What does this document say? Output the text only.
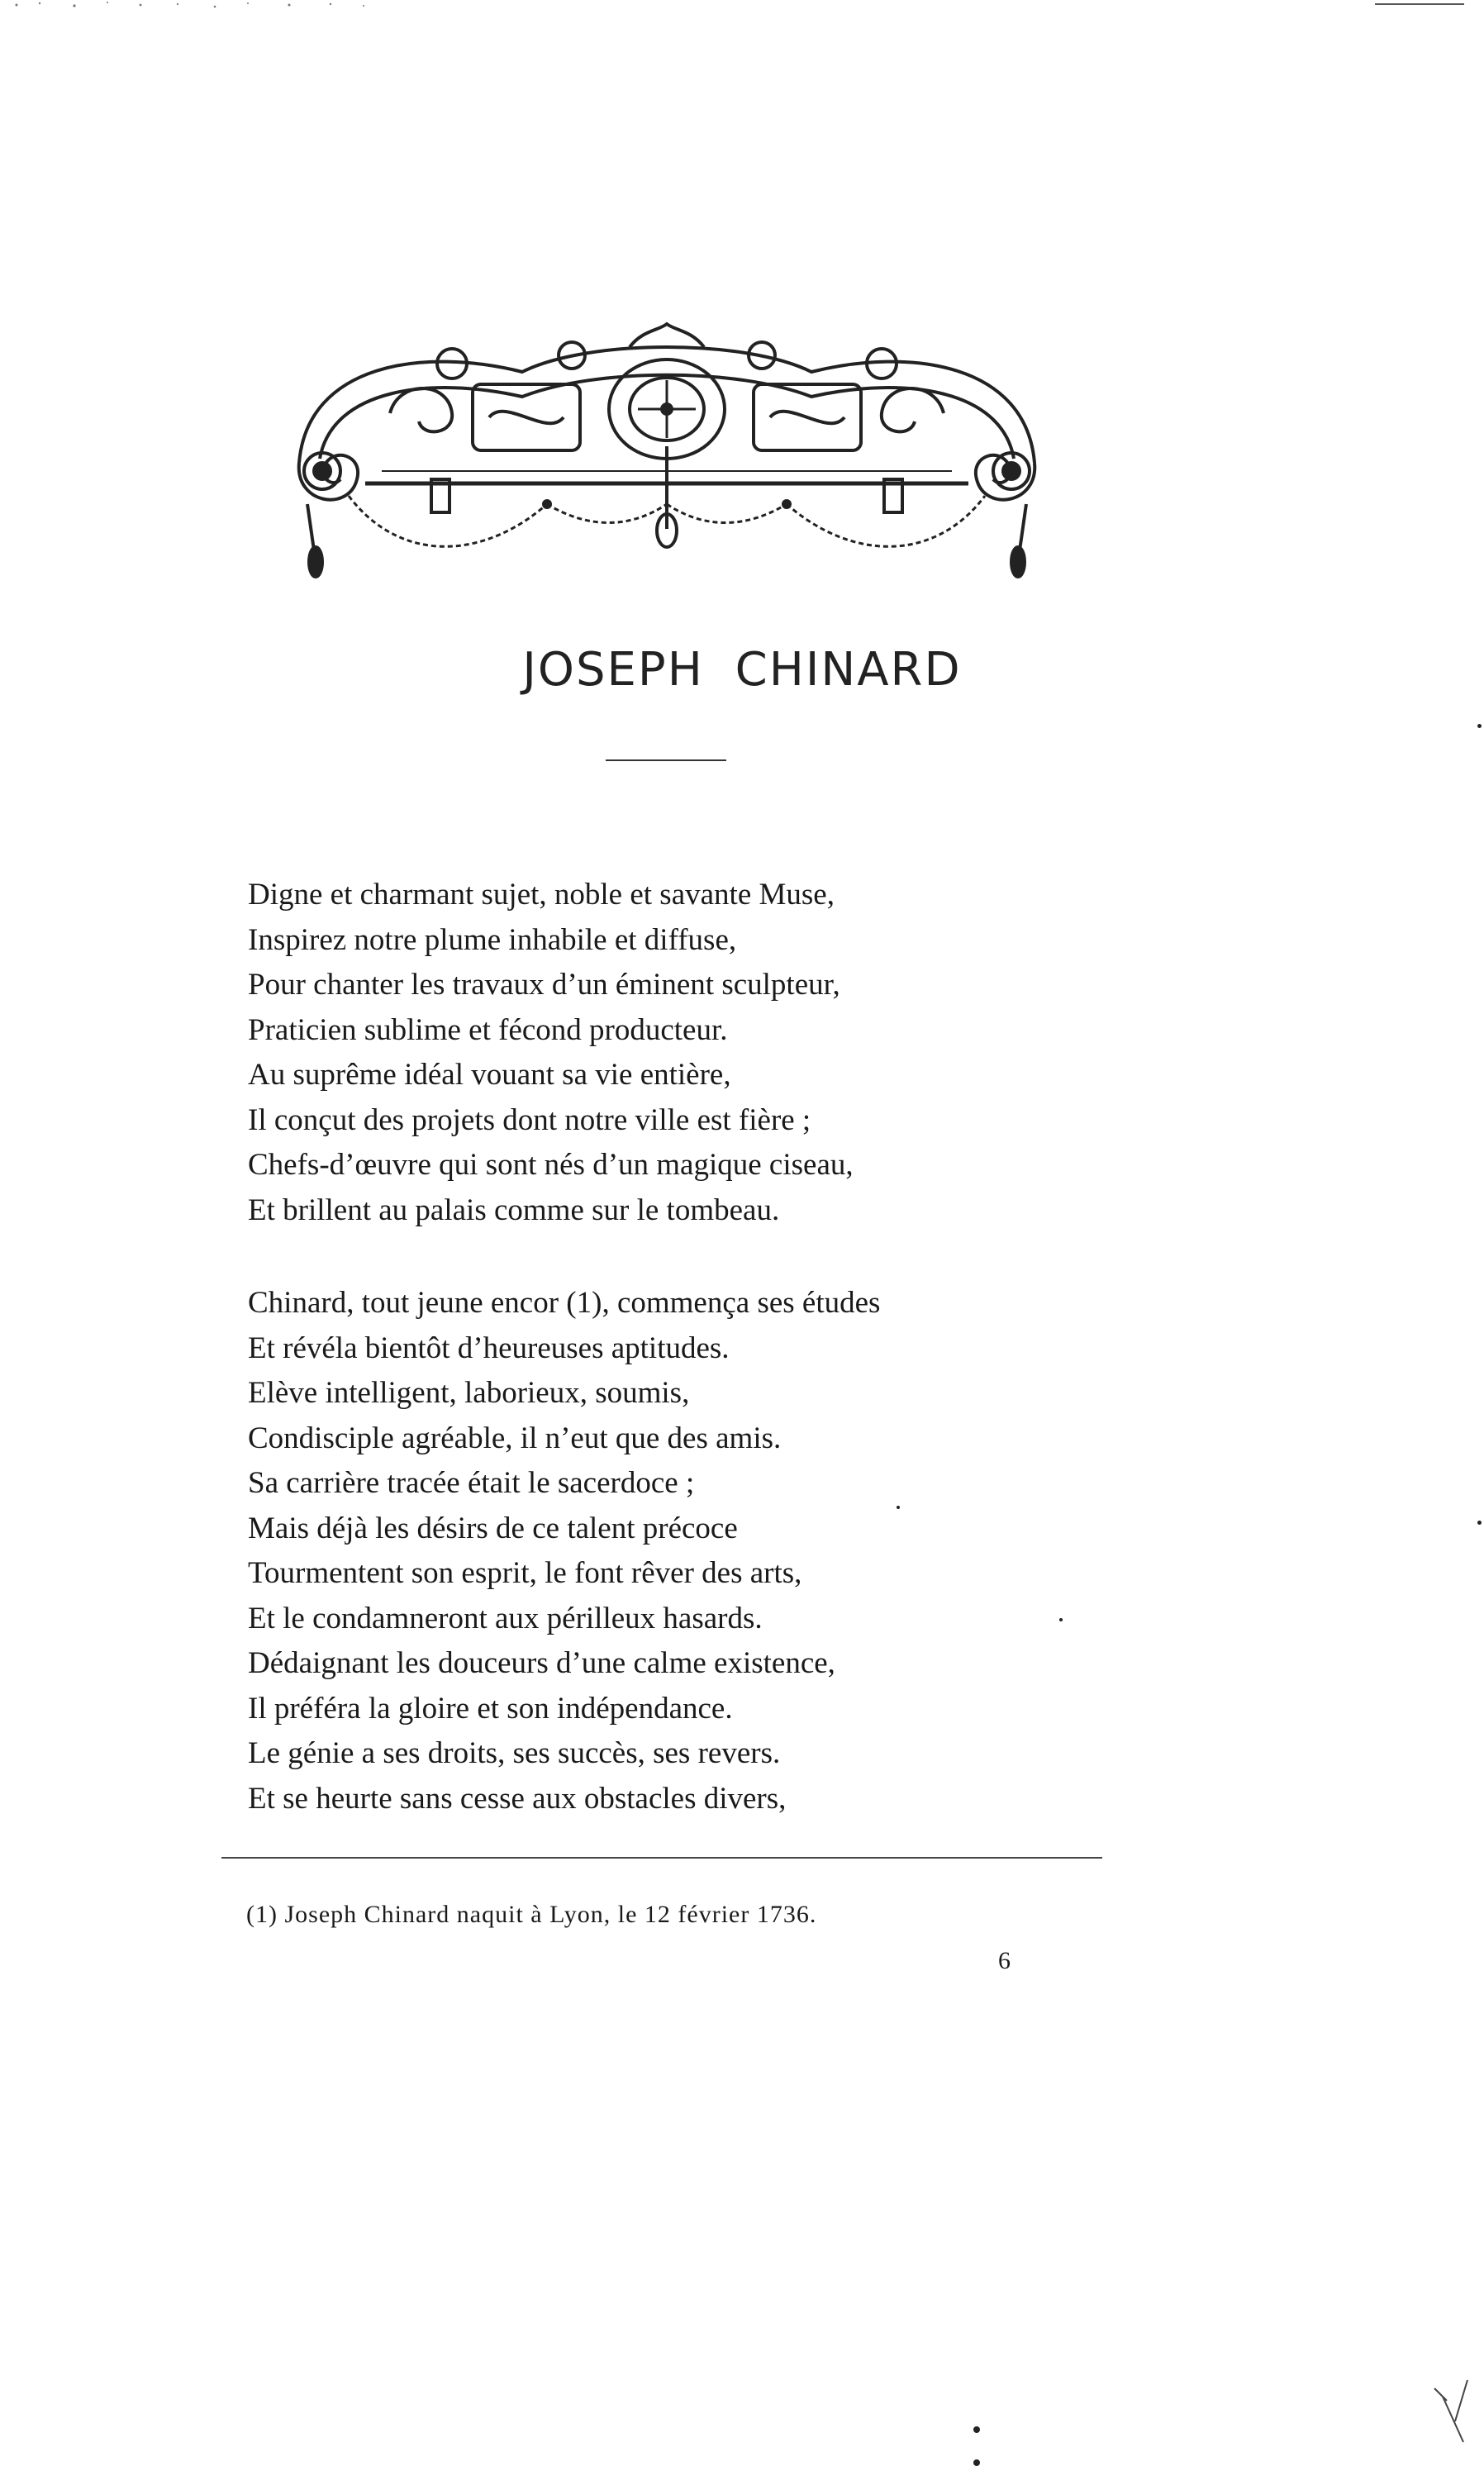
JOSEPH CHINARD
Digne et charmant sujet, noble et savante Muse,
Inspirez notre plume inhabile et diffuse,
Pour chanter les travaux d’un éminent sculpteur,
Praticien sublime et fécond producteur.
Au suprême idéal vouant sa vie entière,
Il conçut des projets dont notre ville est fière ;
Chefs-d’œuvre qui sont nés d’un magique ciseau,
Et brillent au palais comme sur le tombeau.
Chinard, tout jeune encor (1), commença ses études
Et révéla bientôt d’heureuses aptitudes.
Elève intelligent, laborieux, soumis,
Condisciple agréable, il n’eut que des amis.
Sa carrière tracée était le sacerdoce ;
Mais déjà les désirs de ce talent précoce
Tourmentent son esprit, le font rêver des arts,
Et le condamneront aux périlleux hasards.
Dédaignant les douceurs d’une calme existence,
Il préféra la gloire et son indépendance.
Le génie a ses droits, ses succès, ses revers.
Et se heurte sans cesse aux obstacles divers,
(1) Joseph Chinard naquit à Lyon, le 12 février 1736.
6
